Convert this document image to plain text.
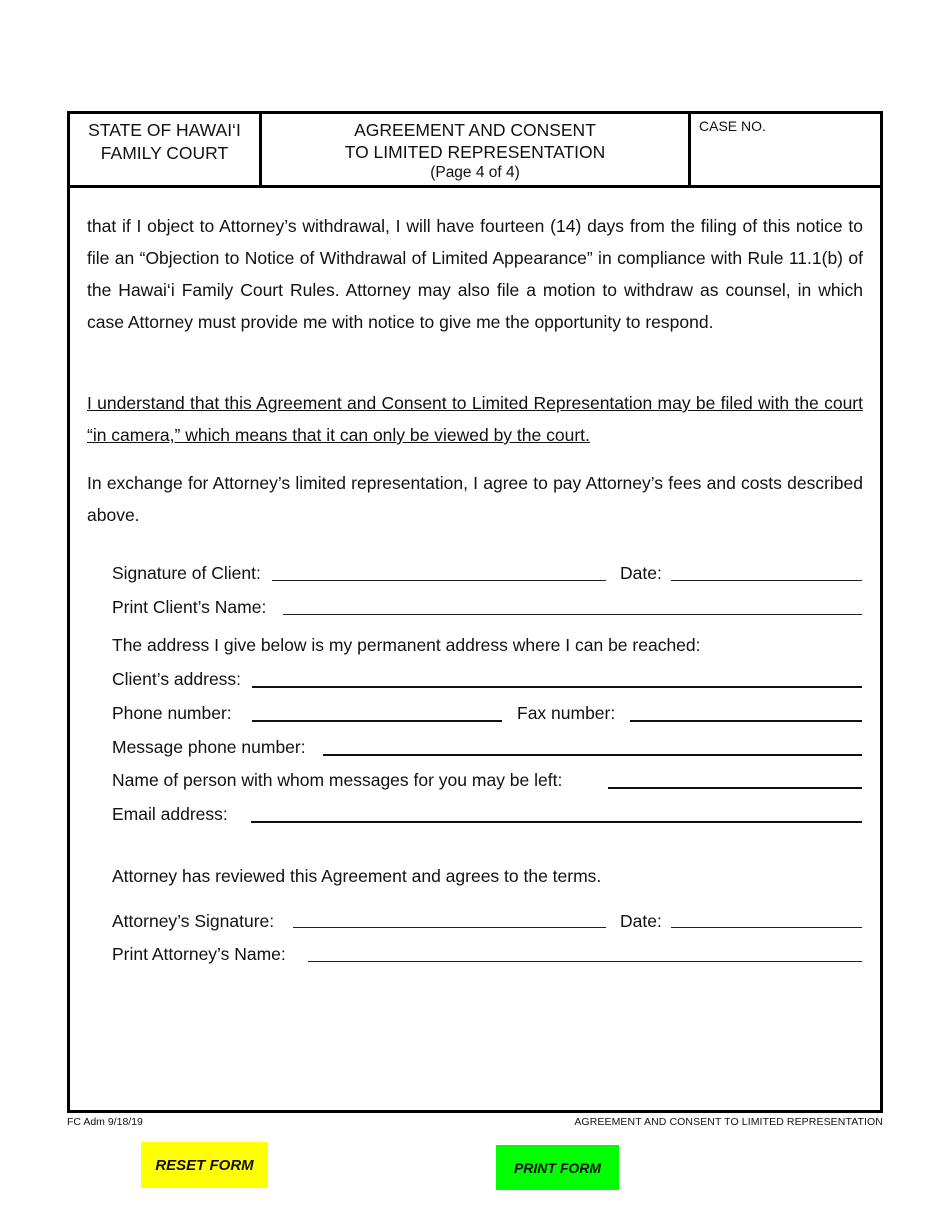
STATE OF HAWAI‘I
FAMILY COURT
AGREEMENT AND CONSENT
TO LIMITED REPRESENTATION
(Page 4 of 4)
CASE NO.
that if I object to Attorney’s withdrawal, I will have fourteen (14) days from the filing of this notice to file an “Objection to Notice of Withdrawal of Limited Appearance” in compliance with Rule 11.1(b) of the Hawai‘i Family Court Rules. Attorney may also file a motion to withdraw as counsel, in which case Attorney must provide me with notice to give me the opportunity to respond.
I understand that this Agreement and Consent to Limited Representation may be filed with the court “in camera,” which means that it can only be viewed by the court.
In exchange for Attorney’s limited representation, I agree to pay Attorney’s fees and costs described above.
Signature of Client:	Date:
Print Client’s Name:
The address I give below is my permanent address where I can be reached:
Client’s address:
Phone number:	Fax number:
Message phone number:
Name of person with whom messages for you may be left:
Email address:
Attorney has reviewed this Agreement and agrees to the terms.
Attorney’s Signature:	Date:
Print Attorney’s Name:
FC Adm 9/18/19	AGREEMENT AND CONSENT TO LIMITED REPRESENTATION
RESET FORM	PRINT FORM
